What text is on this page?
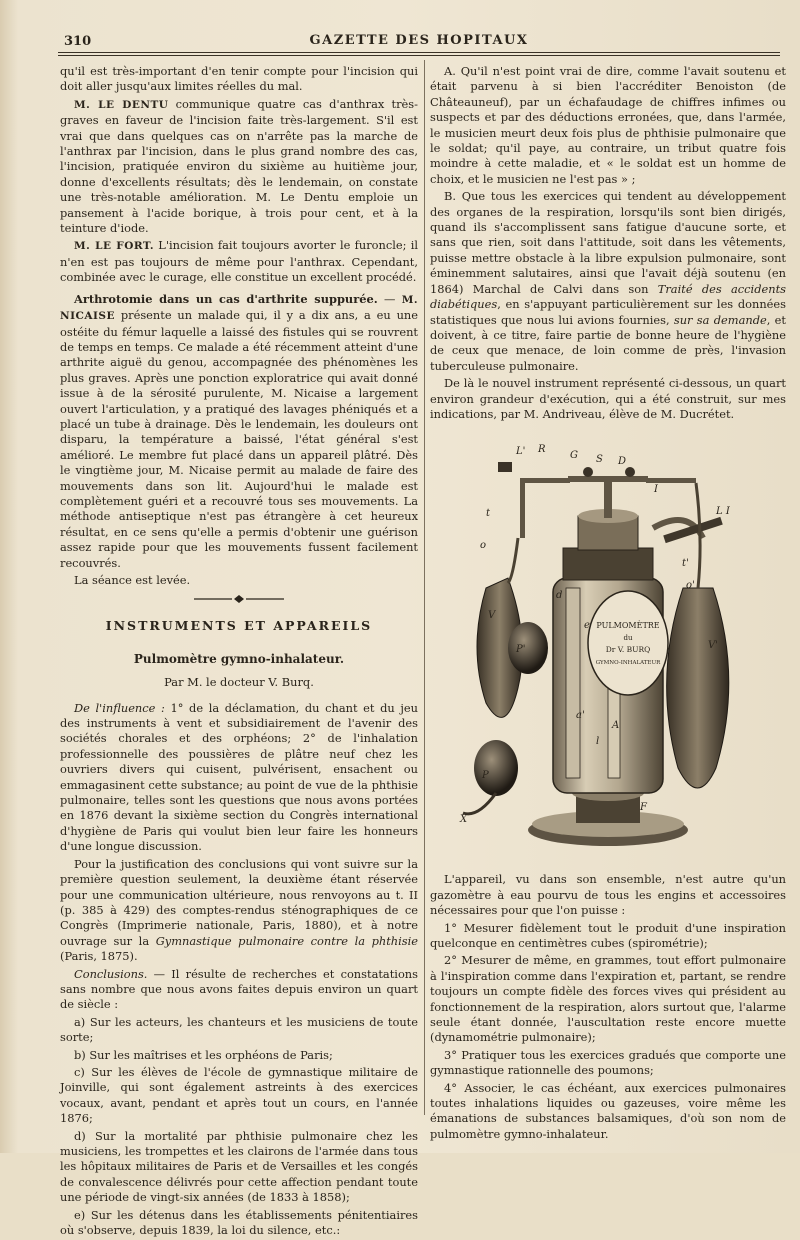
310	GAZETTE DES HOPITAUX

qu'il est très-important d'en tenir compte pour l'incision qui doit aller jusqu'aux limites réelles du mal.

M. LE DENTU communique quatre cas d'anthrax très-graves en faveur de l'incision faite très-largement. S'il est vrai que dans quelques cas on n'arrête pas la marche de l'anthrax par l'incision, dans le plus grand nombre des cas, l'incision, pratiquée environ du sixième au huitième jour, donne d'excellents résultats; dès le lendemain, on constate une très-notable amélioration. M. Le Dentu emploie un pansement à l'acide borique, à trois pour cent, et à la teinture d'iode.

M. LE FORT. L'incision fait toujours avorter le furoncle; il n'en est pas toujours de même pour l'anthrax. Cependant, combinée avec le curage, elle constitue un excellent procédé.

Arthrotomie dans un cas d'arthrite suppurée. — M. NICAISE présente un malade qui, il y a dix ans, a eu une ostéite du fémur laquelle a laissé des fistules qui se rouvrent de temps en temps. Ce malade a été récemment atteint d'une arthrite aiguë du genou, accompagnée des phénomènes les plus graves. Après une ponction exploratrice qui avait donné issue à de la sérosité purulente, M. Nicaise a largement ouvert l'articulation, y a pratiqué des lavages phéniqués et a placé un tube à drainage. Dès le lendemain, les douleurs ont disparu, la température a baissé, l'état général s'est amélioré. Le membre fut placé dans un appareil plâtré. Dès le vingtième jour, M. Nicaise permit au malade de faire des mouvements dans son lit. Aujourd'hui le malade est complètement guéri et a recouvré tous ses mouvements. La méthode antiseptique n'est pas étrangère à cet heureux résultat, en ce sens qu'elle a permis d'obtenir une guérison assez rapide pour que les mouvements fussent facilement recouvrés.

La séance est levée.

INSTRUMENTS ET APPAREILS
Pulmomètre gymno-inhalateur.
Par M. le docteur V. Burq.

De l'influence : 1° de la déclamation, du chant et du jeu des instruments à vent et subsidiairement de l'avenir des sociétés chorales et des orphéons; 2° de l'inhalation professionnelle des poussières de plâtre neuf chez les ouvriers divers qui cuisent, pulvérisent, ensachent ou emmagasinent cette substance; au point de vue de la phthisie pulmonaire, telles sont les questions que nous avons portées en 1876 devant la sixième section du Congrès international d'hygiène de Paris qui voulut bien leur faire les honneurs d'une longue discussion.

Pour la justification des conclusions qui vont suivre sur la première question seulement, la deuxième étant réservée pour une communication ultérieure, nous renvoyons au t. II (p. 385 à 429) des comptes-rendus sténographiques de ce Congrès (Imprimerie nationale, Paris, 1880), et à notre ouvrage sur la Gymnastique pulmonaire contre la phthisie (Paris, 1875).

Conclusions. — Il résulte de recherches et constatations sans nombre que nous avons faites depuis environ un quart de siècle :

a) Sur les acteurs, les chanteurs et les musiciens de toute sorte;

b) Sur les maîtrises et les orphéons de Paris;

c) Sur les élèves de l'école de gymnastique militaire de Joinville, qui sont également astreints à des exercices vocaux, avant, pendant et après tout un cours, en l'année 1876;

d) Sur la mortalité par phthisie pulmonaire chez les musiciens, les trompettes et les clairons de l'armée dans tous les hôpitaux militaires de Paris et de Versailles et les congés de convalescence délivrés pour cette affection pendant toute une période de vingt-six années (de 1833 à 1858);

e) Sur les détenus dans les établissements pénitentiaires où s'observe, depuis 1839, la loi du silence, etc.:

A. Qu'il n'est point vrai de dire, comme l'avait soutenu et était parvenu à si bien l'accréditer Benoiston (de Châteauneuf), par un échafaudage de chiffres infimes ou suspects et par des déductions erronées, que, dans l'armée, le musicien meurt deux fois plus de phthisie pulmonaire que le soldat; qu'il paye, au contraire, un tribut quatre fois moindre à cette maladie, et « le soldat est un homme de choix, et le musicien ne l'est pas » ;

B. Que tous les exercices qui tendent au développement des organes de la respiration, lorsqu'ils sont bien dirigés, quand ils s'accomplissent sans fatigue d'aucune sorte, et sans que rien, soit dans l'attitude, soit dans les vêtements, puisse mettre obstacle à la libre expulsion pulmonaire, sont éminemment salutaires, ainsi que l'avait déjà soutenu (en 1864) Marchal de Calvi dans son Traité des accidents diabétiques, en s'appuyant particulièrement sur les données statistiques que nous lui avions fournies, sur sa demande, et doivent, à ce titre, faire partie de bonne heure de l'hygiène de ceux que menace, de loin comme de près, l'invasion tuberculeuse pulmonaire.

De là le nouvel instrument représenté ci-dessous, un quart environ grandeur d'exécution, qui a été construit, sur mes indications, par M. Andriveau, élève de M. Ducrétet.

PULMOMÈTRE
du
Dr V. BURQ
GYMNO-INHALATEUR
L' R
G S D
I
L I
t
t'
o
o'
V
V'
P'
P
d
e
a'
A
l
F
X

L'appareil, vu dans son ensemble, n'est autre qu'un gazomètre à eau pourvu de tous les engins et accessoires nécessaires pour que l'on puisse :

1° Mesurer fidèlement tout le produit d'une inspiration quelconque en centimètres cubes (spirométrie);

2° Mesurer de même, en grammes, tout effort pulmonaire à l'inspiration comme dans l'expiration et, partant, se rendre toujours un compte fidèle des forces vives qui président au fonctionnement de la respiration, alors surtout que, l'alarme seule étant donnée, l'auscultation reste encore muette (dynamométrie pulmonaire);

3° Pratiquer tous les exercices gradués que comporte une gymnastique rationnelle des poumons;

4° Associer, le cas échéant, aux exercices pulmonaires toutes inhalations liquides ou gazeuses, voire même les émanations de substances balsamiques, d'où son nom de pulmomètre gymno-inhalateur.
